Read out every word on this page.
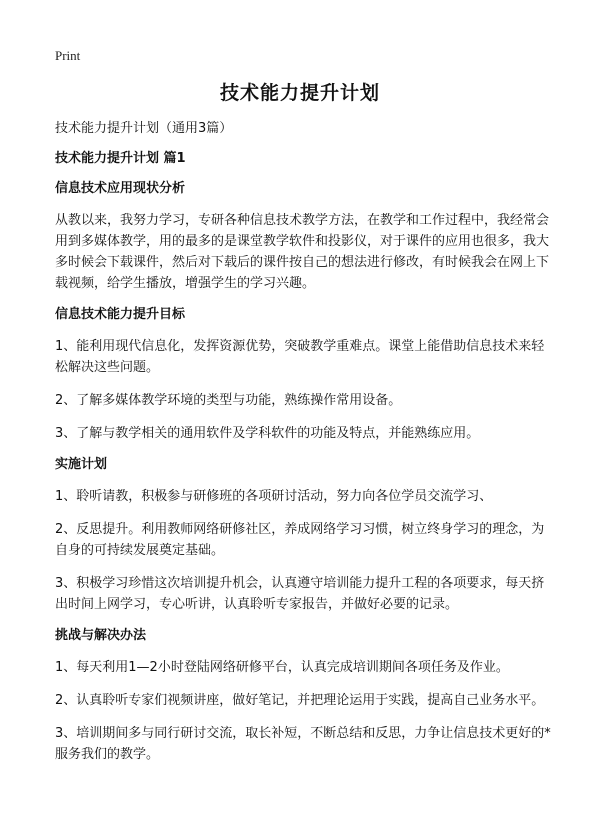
Print
技术能力提升计划
技术能力提升计划（通用3篇）
技术能力提升计划 篇1
信息技术应用现状分析
从教以来，我努力学习，专研各种信息技术教学方法，在教学和工作过程中，我经常会用到多媒体教学，用的最多的是课堂教学软件和投影仪，对于课件的应用也很多，我大多时候会下载课件，然后对下载后的课件按自己的想法进行修改，有时候我会在网上下载视频，给学生播放，增强学生的学习兴趣。
信息技术能力提升目标
1、能利用现代信息化，发挥资源优势，突破教学重难点。课堂上能借助信息技术来轻松解决这些问题。
2、了解多媒体教学环境的类型与功能，熟练操作常用设备。
3、了解与教学相关的通用软件及学科软件的功能及特点，并能熟练应用。
实施计划
1、聆听请教，积极参与研修班的各项研讨活动，努力向各位学员交流学习、
2、反思提升。利用教师网络研修社区，养成网络学习习惯，树立终身学习的理念，为自身的可持续发展奠定基础。
3、积极学习珍惜这次培训提升机会，认真遵守培训能力提升工程的各项要求，每天挤出时间上网学习，专心听讲，认真聆听专家报告，并做好必要的记录。
挑战与解决办法
1、每天利用1—2小时登陆网络研修平台，认真完成培训期间各项任务及作业。
2、认真聆听专家们视频讲座，做好笔记，并把理论运用于实践，提高自己业务水平。
3、培训期间多与同行研讨交流，取长补短，不断总结和反思，力争让信息技术更好的*服务我们的教学。
